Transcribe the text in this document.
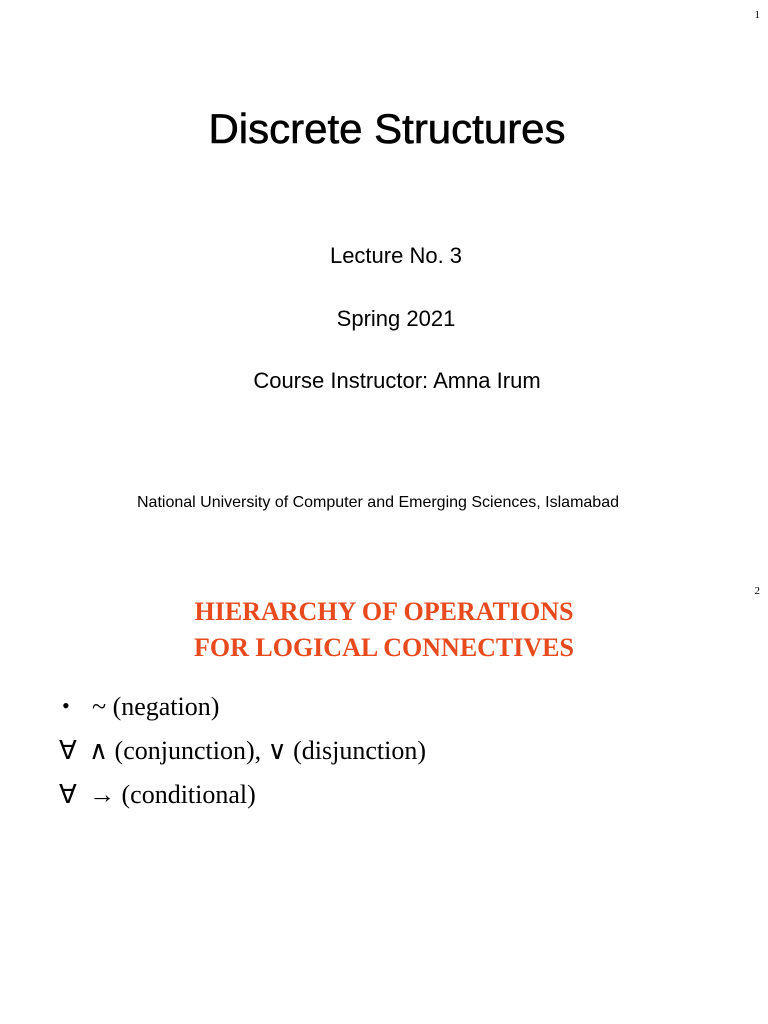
1
Discrete Structures

Lecture No. 3

Spring 2021

Course Instructor: Amna Irum

National University of Computer and Emerging Sciences, Islamabad

2
HIERARCHY OF OPERATIONS
FOR LOGICAL CONNECTIVES
• ~ (negation)
∀ ∧ (conjunction), ∨ (disjunction)
∀ → (conditional)
